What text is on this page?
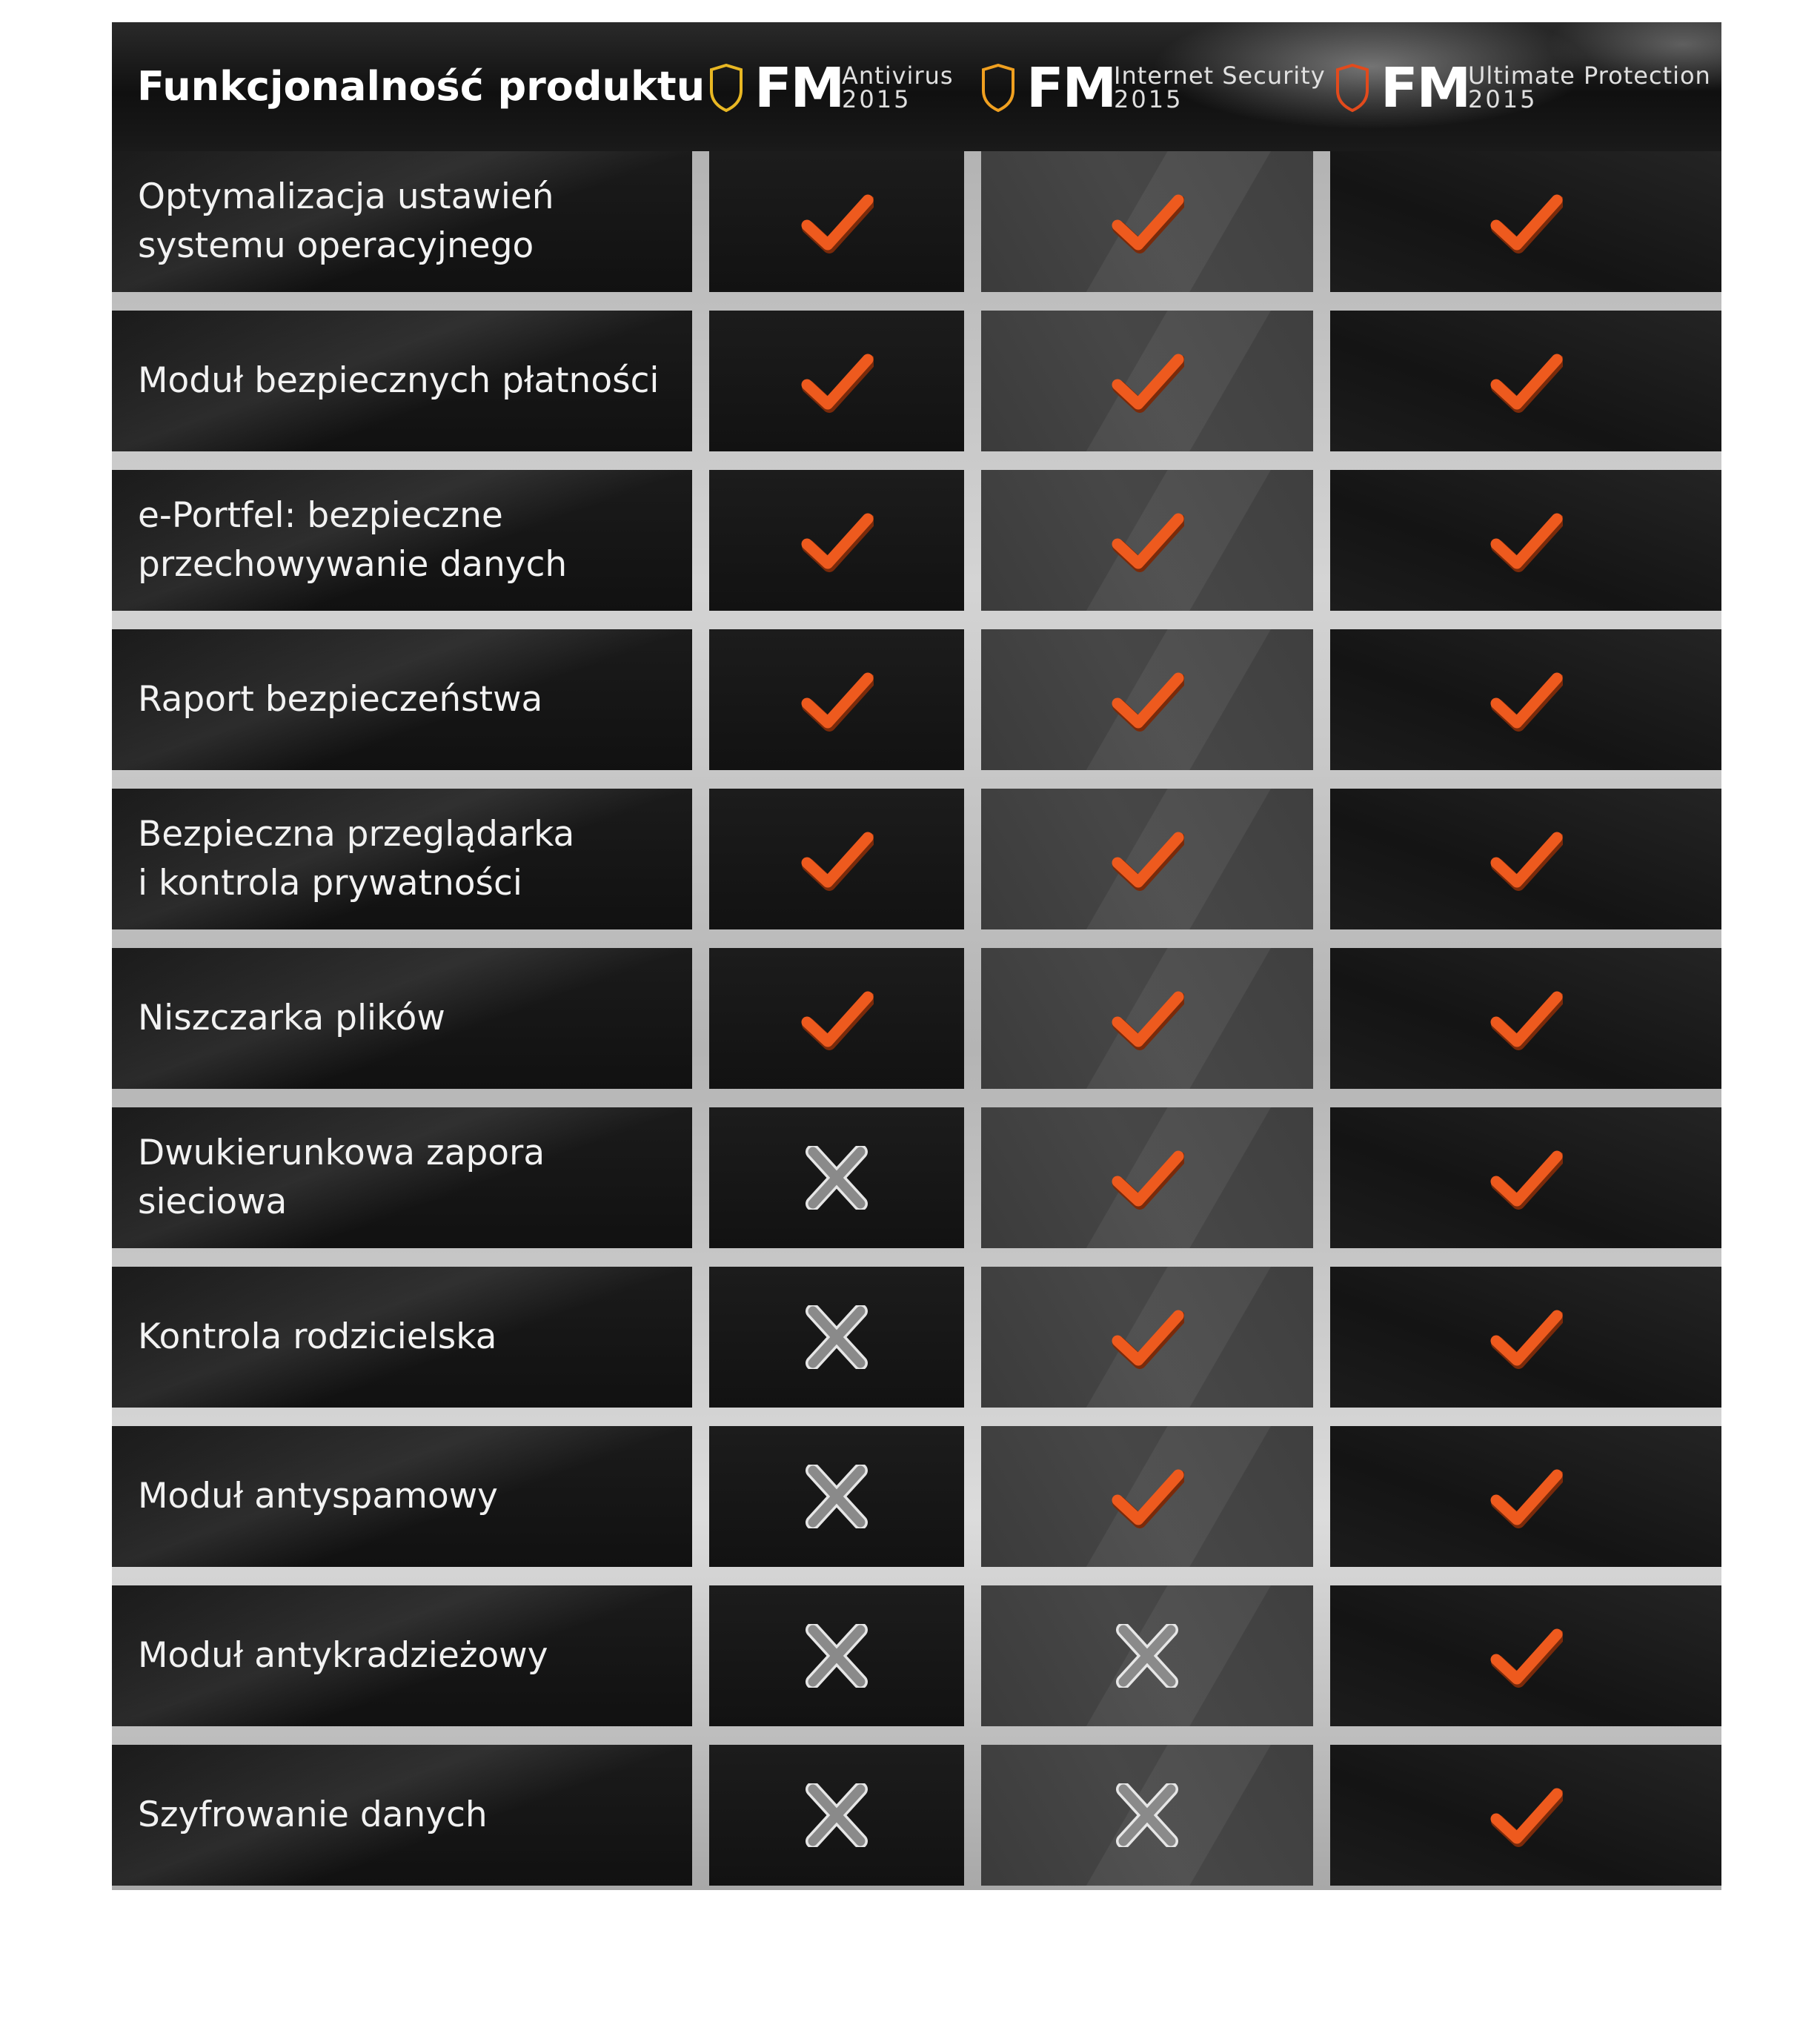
Funkcjonalność produktu FM
Antivirus
2015 FM
Internet Security
2015	FM
Ultimate Protection
2015
Optymalizacja ustawień
systemu operacyjnego
Moduł bezpiecznych płatności
e-Portfel: bezpieczne
przechowywanie danych
Raport bezpieczeństwa
Bezpieczna przeglądarka
i kontrola prywatności
Niszczarka plików
Dwukierunkowa zapora sieciowa
Kontrola rodzicielska
Moduł antyspamowy
Moduł antykradzieżowy
Szyfrowanie danych
